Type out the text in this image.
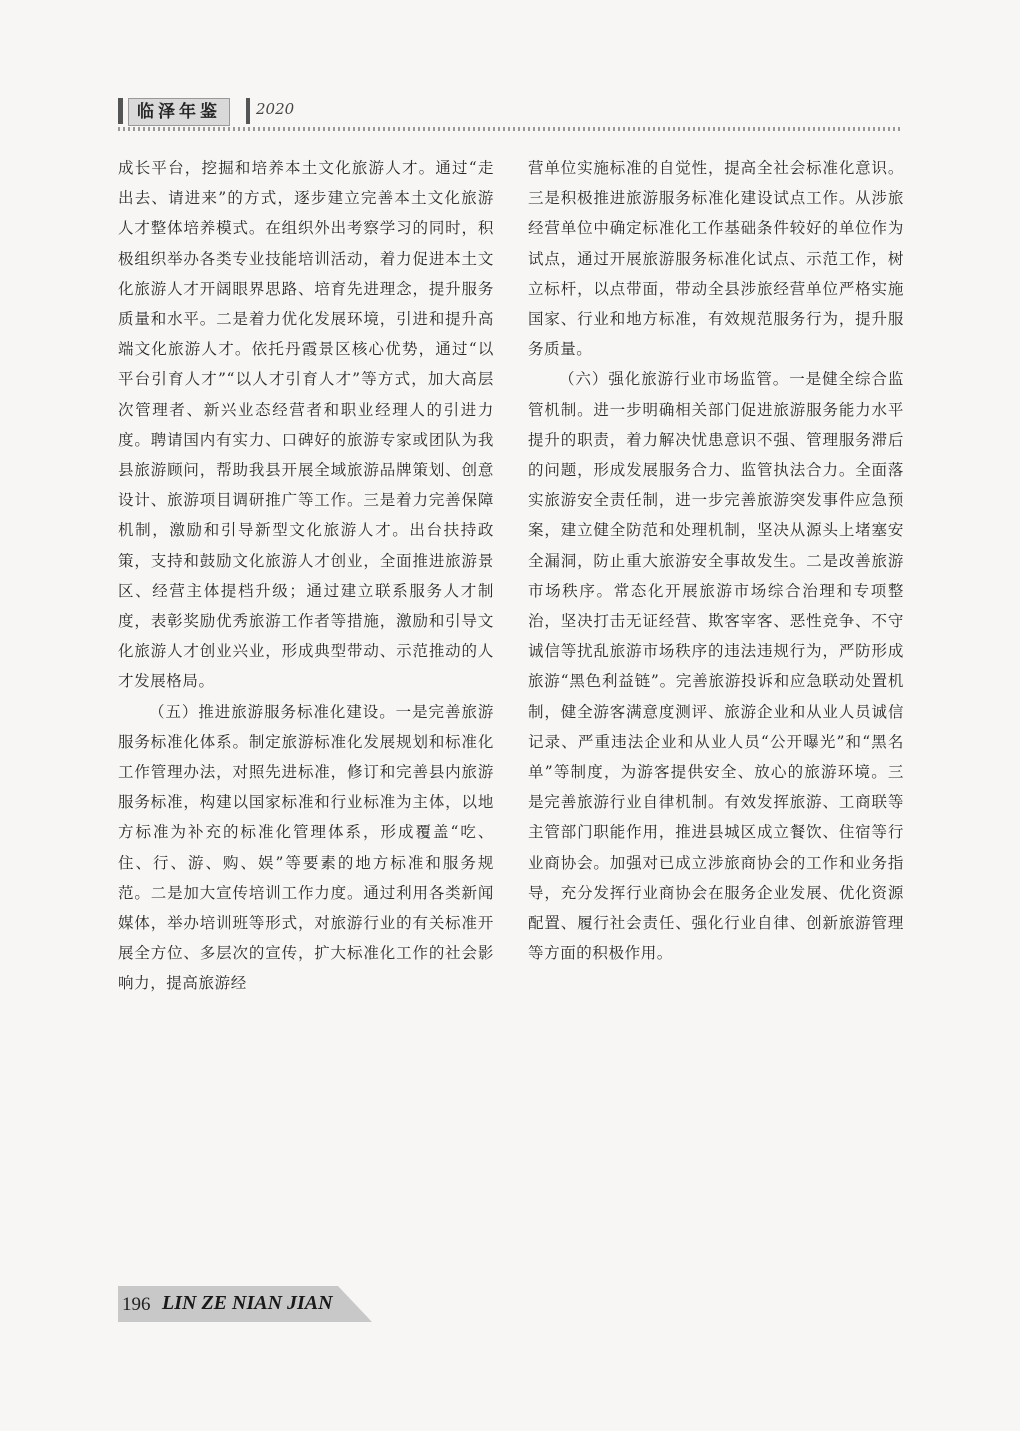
临泽年鉴	2020

成长平台，挖掘和培养本土文化旅游人才。通过“走出去、请进来”的方式，逐步建立完善本土文化旅游人才整体培养模式。在组织外出考察学习的同时，积极组织举办各类专业技能培训活动，着力促进本土文化旅游人才开阔眼界思路、培育先进理念，提升服务质量和水平。二是着力优化发展环境，引进和提升高端文化旅游人才。依托丹霞景区核心优势，通过“以平台引育人才”“以人才引育人才”等方式，加大高层次管理者、新兴业态经营者和职业经理人的引进力度。聘请国内有实力、口碑好的旅游专家或团队为我县旅游顾问，帮助我县开展全域旅游品牌策划、创意设计、旅游项目调研推广等工作。三是着力完善保障机制，激励和引导新型文化旅游人才。出台扶持政策，支持和鼓励文化旅游人才创业，全面推进旅游景区、经营主体提档升级；通过建立联系服务人才制度，表彰奖励优秀旅游工作者等措施，激励和引导文化旅游人才创业兴业，形成典型带动、示范推动的人才发展格局。

（五）推进旅游服务标准化建设。一是完善旅游服务标准化体系。制定旅游标准化发展规划和标准化工作管理办法，对照先进标准，修订和完善县内旅游服务标准，构建以国家标准和行业标准为主体，以地方标准为补充的标准化管理体系，形成覆盖“吃、住、行、游、购、娱”等要素的地方标准和服务规范。二是加大宣传培训工作力度。通过利用各类新闻媒体，举办培训班等形式，对旅游行业的有关标准开展全方位、多层次的宣传，扩大标准化工作的社会影响力，提高旅游经

营单位实施标准的自觉性，提高全社会标准化意识。三是积极推进旅游服务标准化建设试点工作。从涉旅经营单位中确定标准化工作基础条件较好的单位作为试点，通过开展旅游服务标准化试点、示范工作，树立标杆，以点带面，带动全县涉旅经营单位严格实施国家、行业和地方标准，有效规范服务行为，提升服务质量。

（六）强化旅游行业市场监管。一是健全综合监管机制。进一步明确相关部门促进旅游服务能力水平提升的职责，着力解决忧患意识不强、管理服务滞后的问题，形成发展服务合力、监管执法合力。全面落实旅游安全责任制，进一步完善旅游突发事件应急预案，建立健全防范和处理机制，坚决从源头上堵塞安全漏洞，防止重大旅游安全事故发生。二是改善旅游市场秩序。常态化开展旅游市场综合治理和专项整治，坚决打击无证经营、欺客宰客、恶性竞争、不守诚信等扰乱旅游市场秩序的违法违规行为，严防形成旅游“黑色利益链”。完善旅游投诉和应急联动处置机制，健全游客满意度测评、旅游企业和从业人员诚信记录、严重违法企业和从业人员“公开曝光”和“黑名单”等制度，为游客提供安全、放心的旅游环境。三是完善旅游行业自律机制。有效发挥旅游、工商联等主管部门职能作用，推进县城区成立餐饮、住宿等行业商协会。加强对已成立涉旅商协会的工作和业务指导，充分发挥行业商协会在服务企业发展、优化资源配置、履行社会责任、强化行业自律、创新旅游管理等方面的积极作用。

196 LIN ZE NIAN JIAN
